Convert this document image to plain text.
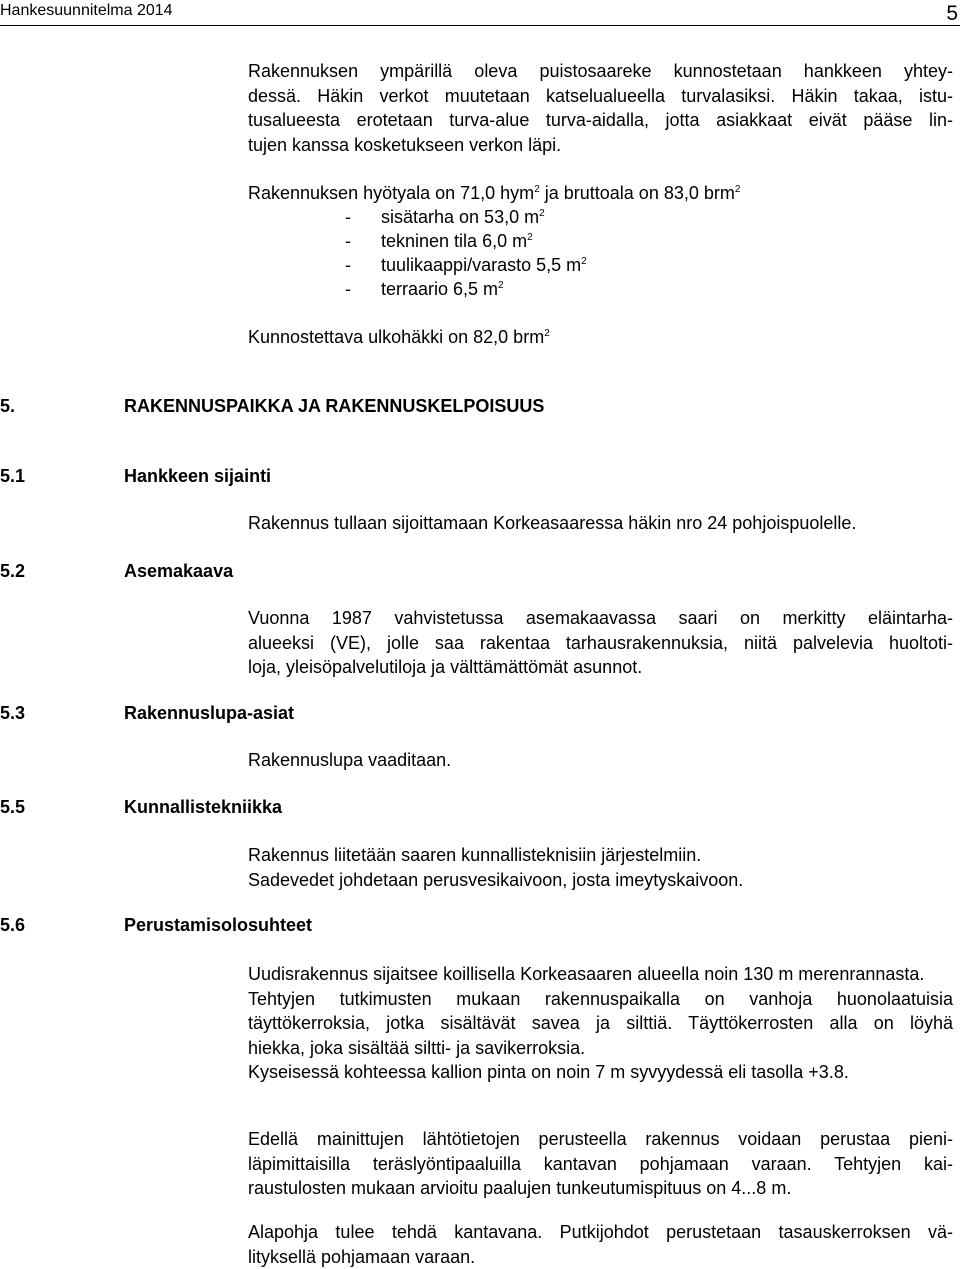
Hankesuunnitelma 2014	5
Rakennuksen ympärillä oleva puistosaareke kunnostetaan hankkeen yhtey-
dessä. Häkin verkot muutetaan katselualueella turvalasiksi. Häkin takaa, istu-
tusalueesta erotetaan turva-alue turva-aidalla, jotta asiakkaat eivät pääse lin-
tujen kanssa kosketukseen verkon läpi.
Rakennuksen hyötyala on 71,0 hym$^2$ ja bruttoala on 83,0 brm$^2$
- sisätarha on 53,0 $m^2$
- tekninen tila 6,0 $m^2$
- tuulikaappi/varasto 5,5 $m^2$
- terraario 6,5 $m^2$
Kunnostettava ulkohäkki on 82,0 brm$^2$
5.	RAKENNUSPAIKKA JA RAKENNUSKELPOISUUS
5.1	Hankkeen sijainti
Rakennus tullaan sijoittamaan Korkeasaaressa häkin nro 24 pohjoispuolelle.
5.2	Asemakaava
Vuonna 1987 vahvistetussa asemakaavassa saari on merkitty eläintarha-
alueeksi (VE), jolle saa rakentaa tarhausrakennuksia, niitä palvelevia huoltoti-
loja, yleisöpalvelutiloja ja välttämättömät asunnot.
5.3	Rakennuslupa-asiat
Rakennuslupa vaaditaan.
5.5	Kunnallistekniikka
Rakennus liitetään saaren kunnallisteknisiin järjestelmiin.
Sadevedet johdetaan perusvesikaivoon, josta imeytyskaivoon.
5.6	Perustamisolosuhteet
Uudisrakennus sijaitsee koillisella Korkeasaaren alueella noin 130 m merenrannasta.
Tehtyjen tutkimusten mukaan rakennuspaikalla on vanhoja huonolaatuisia
täyttökerroksia, jotka sisältävät savea ja silttiä. Täyttökerrosten alla on löyhä
hiekka, joka sisältää siltti- ja savikerroksia.
Kyseisessä kohteessa kallion pinta on noin 7 m syvyydessä eli tasolla +3.8.
Edellä mainittujen lähtötietojen perusteella rakennus voidaan perustaa pieni-
läpimittaisilla teräslyöntipaaluilla kantavan pohjamaan varaan. Tehtyjen kai-
raustulosten mukaan arvioitu paalujen tunkeutumispituus on 4...8 m.
Alapohja tulee tehdä kantavana. Putkijohdot perustetaan tasauskerroksen vä-
lityksellä pohjamaan varaan.
